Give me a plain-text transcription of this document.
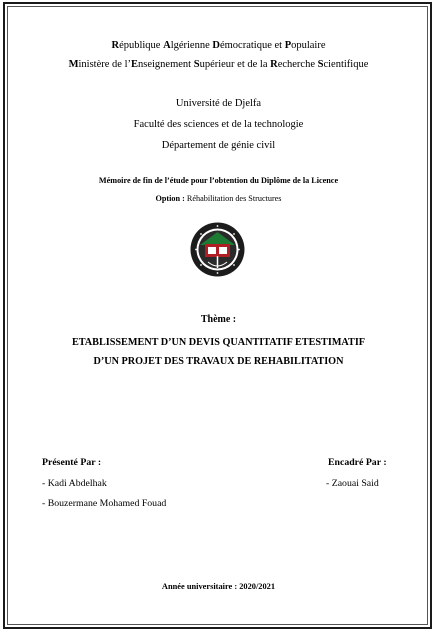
République Algérienne Démocratique et Populaire
Ministère de l’Enseignement Supérieur et de la Recherche Scientifique
Université de Djelfa
Faculté des sciences et de la technologie
Département de génie civil
Mémoire de fin de l’étude pour l’obtention du Diplôme de la Licence
Option : Réhabilitation des Structures
Thème :
ETABLISSEMENT D’UN DEVIS QUANTITATIF ETESTIMATIF
D’UN PROJET DES TRAVAUX DE REHABILITATION
Présenté Par :	Encadré Par :
- Kadi Abdelhak	- Zaouai Said
- Bouzermane Mohamed Fouad
Année universitaire : 2020/2021
